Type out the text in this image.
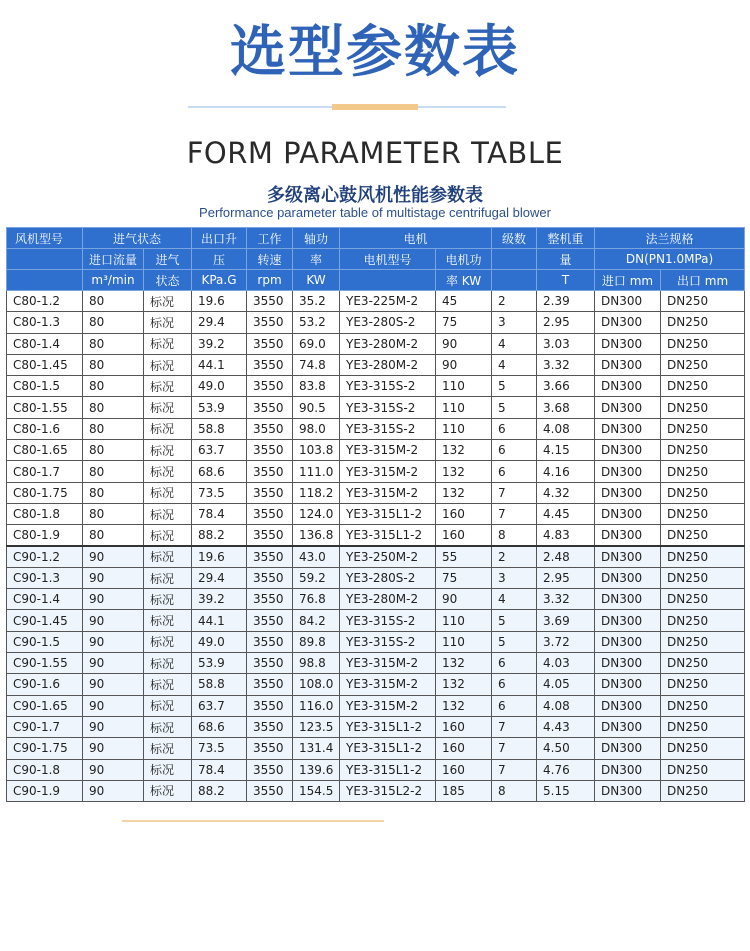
选型参数表
FORM PARAMETER TABLE
多级离心鼓风机性能参数表
Performance parameter table of multistage centrifugal blower
风机型号	进气状态		出口升	工作	轴功	电机		级数	整机重	法兰规格	
	进口流量	进气	压	转速	率	电机型号	电机功		量	DN(PN1.0MPa)	
	m³/min	状态	KPa.G	rpm	KW		率 KW		T	进口 mm	出口 mm
C80-1.2	80	标况	19.6	3550	35.2	YE3-225M-2	45	2	2.39	DN300	DN250
C80-1.3	80	标况	29.4	3550	53.2	YE3-280S-2	75	3	2.95	DN300	DN250
C80-1.4	80	标况	39.2	3550	69.0	YE3-280M-2	90	4	3.03	DN300	DN250
C80-1.45	80	标况	44.1	3550	74.8	YE3-280M-2	90	4	3.32	DN300	DN250
C80-1.5	80	标况	49.0	3550	83.8	YE3-315S-2	110	5	3.66	DN300	DN250
C80-1.55	80	标况	53.9	3550	90.5	YE3-315S-2	110	5	3.68	DN300	DN250
C80-1.6	80	标况	58.8	3550	98.0	YE3-315S-2	110	6	4.08	DN300	DN250
C80-1.65	80	标况	63.7	3550	103.8	YE3-315M-2	132	6	4.15	DN300	DN250
C80-1.7	80	标况	68.6	3550	111.0	YE3-315M-2	132	6	4.16	DN300	DN250
C80-1.75	80	标况	73.5	3550	118.2	YE3-315M-2	132	7	4.32	DN300	DN250
C80-1.8	80	标况	78.4	3550	124.0	YE3-315L1-2	160	7	4.45	DN300	DN250
C80-1.9	80	标况	88.2	3550	136.8	YE3-315L1-2	160	8	4.83	DN300	DN250
C90-1.2	90	标况	19.6	3550	43.0	YE3-250M-2	55	2	2.48	DN300	DN250
C90-1.3	90	标况	29.4	3550	59.2	YE3-280S-2	75	3	2.95	DN300	DN250
C90-1.4	90	标况	39.2	3550	76.8	YE3-280M-2	90	4	3.32	DN300	DN250
C90-1.45	90	标况	44.1	3550	84.2	YE3-315S-2	110	5	3.69	DN300	DN250
C90-1.5	90	标况	49.0	3550	89.8	YE3-315S-2	110	5	3.72	DN300	DN250
C90-1.55	90	标况	53.9	3550	98.8	YE3-315M-2	132	6	4.03	DN300	DN250
C90-1.6	90	标况	58.8	3550	108.0	YE3-315M-2	132	6	4.05	DN300	DN250
C90-1.65	90	标况	63.7	3550	116.0	YE3-315M-2	132	6	4.08	DN300	DN250
C90-1.7	90	标况	68.6	3550	123.5	YE3-315L1-2	160	7	4.43	DN300	DN250
C90-1.75	90	标况	73.5	3550	131.4	YE3-315L1-2	160	7	4.50	DN300	DN250
C90-1.8	90	标况	78.4	3550	139.6	YE3-315L1-2	160	7	4.76	DN300	DN250
C90-1.9	90	标况	88.2	3550	154.5	YE3-315L2-2	185	8	5.15	DN300	DN250
